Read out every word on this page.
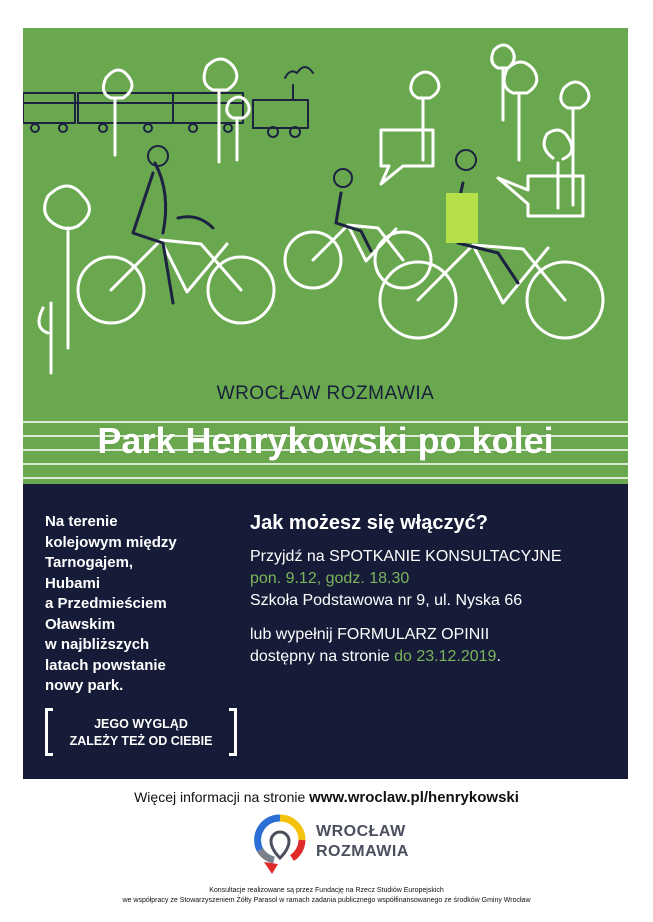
WROCŁAW ROZMAWIA
Park Henrykowski po kolei
Na terenie
kolejowym między
Tarnogajem,
Hubami
a Przedmieściem
Oławskim
w najbliższych
latach powstanie
nowy park.
JEGO WYGLĄD
ZALEŻY TEŻ OD CIEBIE
Jak możesz się włączyć?
Przyjdź na SPOTKANIE KONSULTACYJNE
pon. 9.12, godz. 18.30
Szkoła Podstawowa nr 9, ul. Nyska 66
lub wypełnij FORMULARZ OPINII
dostępny na stronie do 23.12.2019.
Więcej informacji na stronie www.wroclaw.pl/henrykowski
WROCŁAW
ROZMAWIA
Konsultacje realizowane są przez Fundację na Rzecz Studiów Europejskich
we współpracy ze Stowarzyszeniem Żółty Parasol w ramach zadania publicznego współfinansowanego ze środków Gminy Wrocław
